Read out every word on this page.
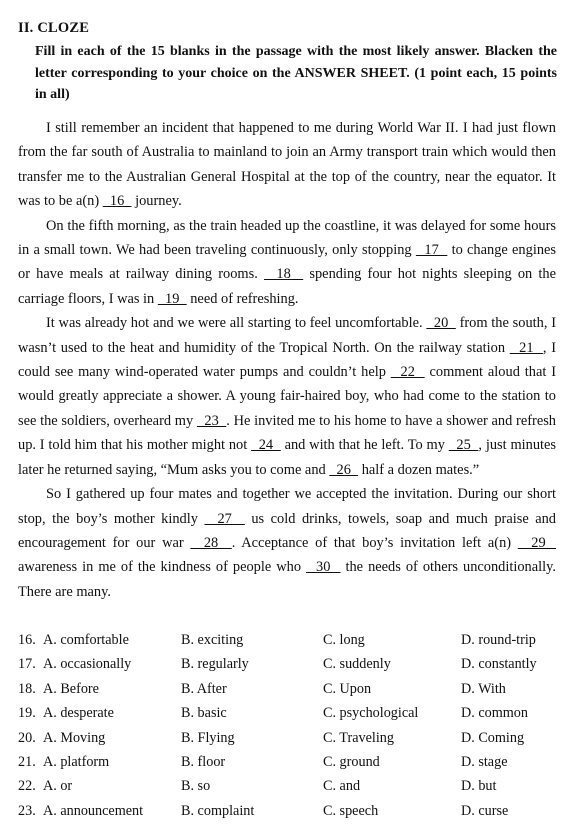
II. CLOZE
Fill in each of the 15 blanks in the passage with the most likely answer. Blacken the letter corresponding to your choice on the ANSWER SHEET. (1 point each, 15 points in all)

I still remember an incident that happened to me during World War II. I had just flown from the far south of Australia to mainland to join an Army transport train which would then transfer me to the Australian General Hospital at the top of the country, near the equator. It was to be a(n)   16   journey.

On the fifth morning, as the train headed up the coastline, it was delayed for some hours in a small town. We had been traveling continuously, only stopping   17   to change engines or have meals at railway dining rooms.   18   spending four hot nights sleeping on the carriage floors, I was in   19   need of refreshing.

It was already hot and we were all starting to feel uncomfortable.   20   from the south, I wasn’t used to the heat and humidity of the Tropical North. On the railway station   21  , I could see many wind-operated water pumps and couldn’t help   22   comment aloud that I would greatly appreciate a shower. A young fair-haired boy, who had come to the station to see the soldiers, overheard my   23  . He invited me to his home to have a shower and refresh up. I told him that his mother might not   24   and with that he left. To my   25  , just minutes later he returned saying, “Mum asks you to come and   26   half a dozen mates.”

So I gathered up four mates and together we accepted the invitation. During our short stop, the boy’s mother kindly   27   us cold drinks, towels, soap and much praise and encouragement for our war   28  . Acceptance of that boy’s invitation left a(n)   29   awareness in me of the kindness of people who   30   the needs of others unconditionally. There are many.

16. A. comfortable	B. exciting	C. long	D. round-trip
17. A. occasionally	B. regularly	C. suddenly	D. constantly
18. A. Before	B. After	C. Upon	D. With
19. A. desperate	B. basic	C. psychological	D. common
20. A. Moving	B. Flying	C. Traveling	D. Coming
21. A. platform	B. floor	C. ground	D. stage
22. A. or	B. so	C. and	D. but
23. A. announcement	B. complaint	C. speech	D. curse
